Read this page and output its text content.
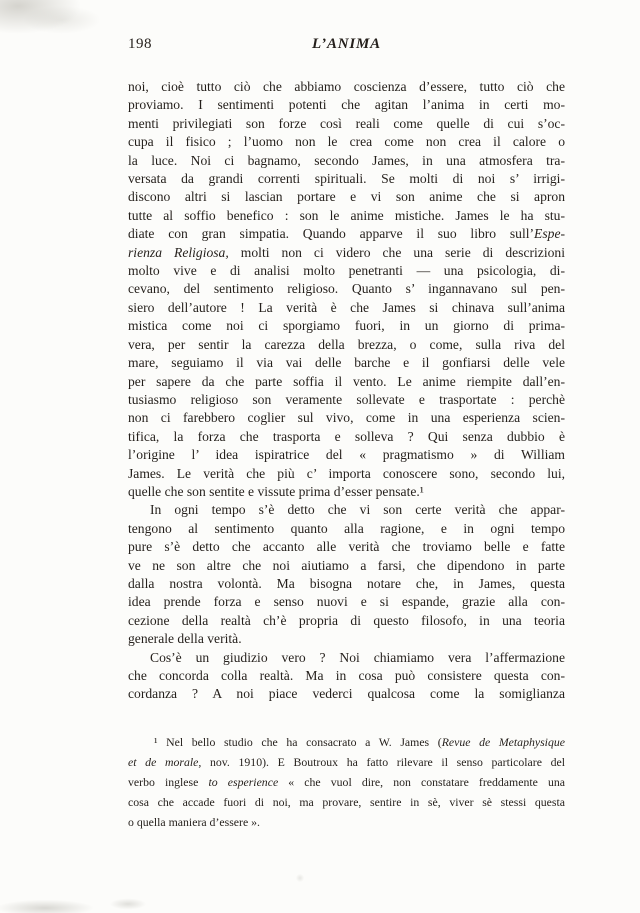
198	L’ANIMA
noi, cioè tutto ciò che abbiamo coscienza d’essere, tutto ciò che
proviamo. I sentimenti potenti che agitan l’anima in certi mo-
menti privilegiati son forze così reali come quelle di cui s’oc-
cupa il fisico ; l’uomo non le crea come non crea il calore o
la luce. Noi ci bagnamo, secondo James, in una atmosfera tra-
versata da grandi correnti spirituali. Se molti di noi s’ irrigi-
discono altri si lascian portare e vi son anime che si apron
tutte al soffio benefico : son le anime mistiche. James le ha stu-
diate con gran simpatia. Quando apparve il suo libro sull’Espe-
rienza Religiosa, molti non ci videro che una serie di descrizioni
molto vive e di analisi molto penetranti — una psicologia, di-
cevano, del sentimento religioso. Quanto s’ ingannavano sul pen-
siero dell’autore ! La verità è che James si chinava sull’anima
mistica come noi ci sporgiamo fuori, in un giorno di prima-
vera, per sentir la carezza della brezza, o come, sulla riva del
mare, seguiamo il via vai delle barche e il gonfiarsi delle vele
per sapere da che parte soffia il vento. Le anime riempite dall’en-
tusiasmo religioso son veramente sollevate e trasportate : perchè
non ci farebbero coglier sul vivo, come in una esperienza scien-
tifica, la forza che trasporta e solleva ? Qui senza dubbio è
l’origine l’ idea ispiratrice del « pragmatismo » di William
James. Le verità che più c’ importa conoscere sono, secondo lui,
quelle che son sentite e vissute prima d’esser pensate.¹
In ogni tempo s’è detto che vi son certe verità che appar-
tengono al sentimento quanto alla ragione, e in ogni tempo
pure s’è detto che accanto alle verità che troviamo belle e fatte
ve ne son altre che noi aiutiamo a farsi, che dipendono in parte
dalla nostra volontà. Ma bisogna notare che, in James, questa
idea prende forza e senso nuovi e si espande, grazie alla con-
cezione della realtà ch’è propria di questo filosofo, in una teoria
generale della verità.
Cos’è un giudizio vero ? Noi chiamiamo vera l’affermazione
che concorda colla realtà. Ma in cosa può consistere questa con-
cordanza ? A noi piace vederci qualcosa come la somiglianza
¹ Nel bello studio che ha consacrato a W. James (Revue de Metaphysique
et de morale, nov. 1910). E Boutroux ha fatto rilevare il senso particolare del
verbo inglese to esperience « che vuol dire, non constatare freddamente una
cosa che accade fuori di noi, ma provare, sentire in sè, viver sè stessi questa
o quella maniera d’essere ».
